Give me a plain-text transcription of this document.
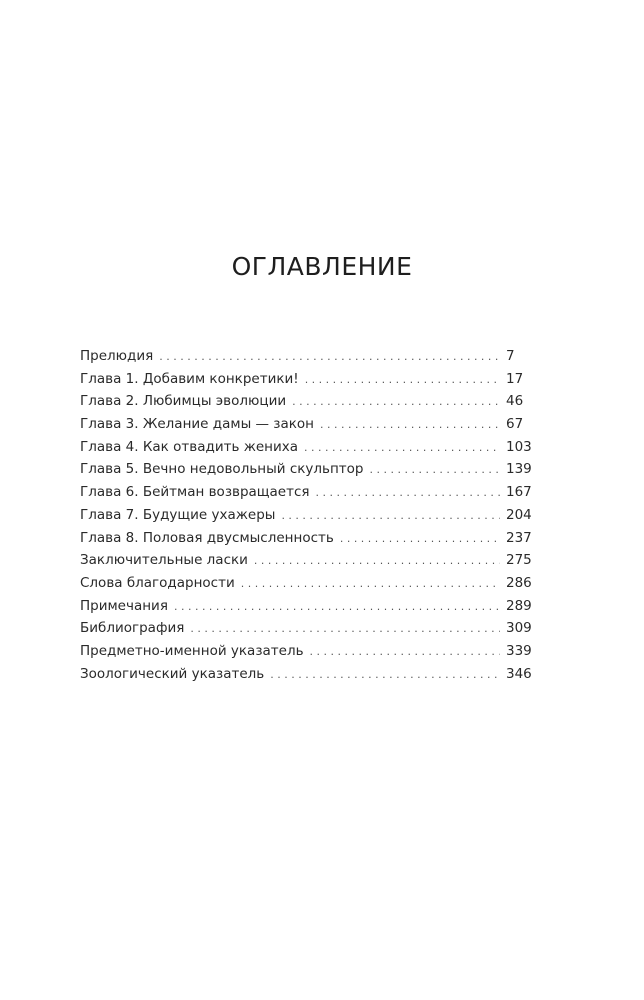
ОГЛАВЛЕНИЕ
Прелюдия . . .	7
Глава 1. Добавим конкретики! . . .	17
Глава 2. Любимцы эволюции . . .	46
Глава 3. Желание дамы — закон . . .	67
Глава 4. Как отвадить жениха . . .	103
Глава 5. Вечно недовольный скульптор . . .	139
Глава 6. Бейтман возвращается . . .	167
Глава 7. Будущие ухажеры . . .	204
Глава 8. Половая двусмысленность . . .	237
Заключительные ласки . . .	275
Слова благодарности . . .	286
Примечания . . .	289
Библиография . . .	309
Предметно-именной указатель . . .	339
Зоологический указатель . . .	346
